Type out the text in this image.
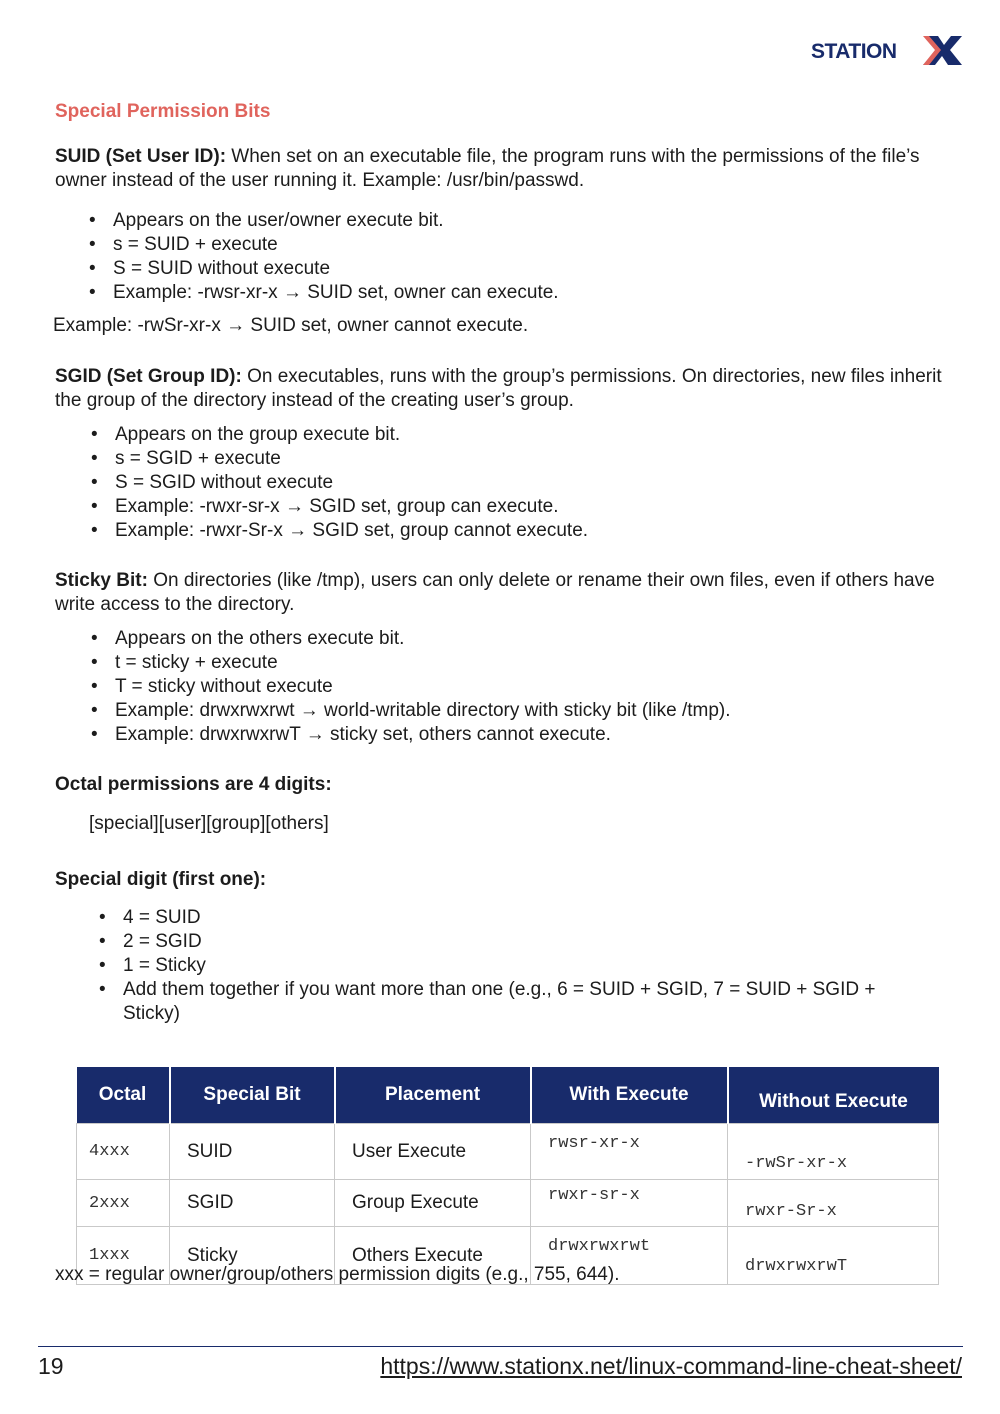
STATION
Special Permission Bits

SUID (Set User ID): When set on an executable file, the program runs with the permissions of the file’s owner instead of the user running it. Example: /usr/bin/passwd.

• Appears on the user/owner execute bit.
• s = SUID + execute
• S = SUID without execute
• Example: -rwsr-xr-x → SUID set, owner can execute.

Example: -rwSr-xr-x → SUID set, owner cannot execute.

SGID (Set Group ID): On executables, runs with the group’s permissions. On directories, new files inherit the group of the directory instead of the creating user’s group.

• Appears on the group execute bit.
• s = SGID + execute
• S = SGID without execute
• Example: -rwxr-sr-x → SGID set, group can execute.
• Example: -rwxr-Sr-x → SGID set, group cannot execute.

Sticky Bit: On directories (like /tmp), users can only delete or rename their own files, even if others have write access to the directory.

• Appears on the others execute bit.
• t = sticky + execute
• T = sticky without execute
• Example: drwxrwxrwt → world-writable directory with sticky bit (like /tmp).
• Example: drwxrwxrwT → sticky set, others cannot execute.

Octal permissions are 4 digits:

[special][user][group][others]

Special digit (first one):

• 4 = SUID
• 2 = SGID
• 1 = Sticky
• Add them together if you want more than one (e.g., 6 = SUID + SGID, 7 = SUID + SGID + Sticky)
Octal	Special Bit	Placement	With Execute	Without Execute
4xxx	SUID	User Execute	rwsr-xr-x	-rwSr-xr-x
2xxx	SGID	Group Execute	rwxr-sr-x	rwxr-Sr-x
1xxx	Sticky	Others Execute	drwxrwxrwt	drwxrwxrwT

xxx = regular owner/group/others permission digits (e.g., 755, 644).

19	https://www.stationx.net/linux-command-line-cheat-sheet/
